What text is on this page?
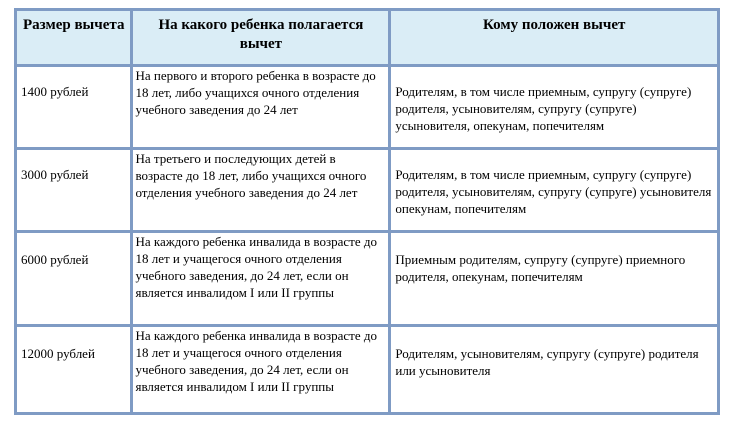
Размер вычета	На какого ребенка полагается вычет	Кому положен вычет
1400 рублей	На первого и второго ребенка в возрасте до 18 лет, либо учащихся очного отделения учебного заведения до 24 лет	Родителям, в том числе приемным, супругу (супруге) родителя, усыновителям, супругу (супруге) усыновителя, опекунам, попечителям
3000 рублей	На третьего и последующих детей в возрасте до 18 лет, либо учащихся очного отделения учебного заведения до 24 лет	Родителям, в том числе приемным, супругу (супруге) родителя, усыновителям, супругу (супруге) усыновителя опекунам, попечителям
6000 рублей	На каждого ребенка инвалида в возрасте до 18 лет и учащегося очного отделения учебного заведения, до 24 лет, если он является инвалидом I или II группы	Приемным родителям, супругу (супруге) приемного родителя, опекунам, попечителям
12000 рублей	На каждого ребенка инвалида в возрасте до 18 лет и учащегося очного отделения учебного заведения, до 24 лет, если он является инвалидом I или II группы	Родителям, усыновителям, супругу (супруге) родителя или усыновителя
